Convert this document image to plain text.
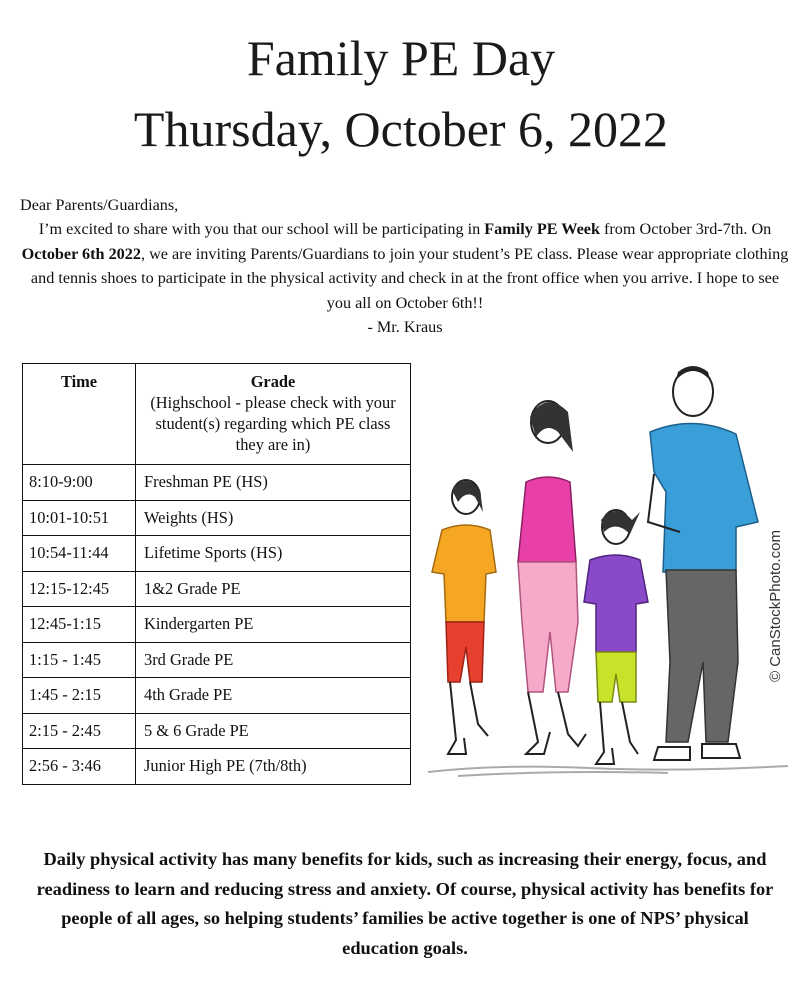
Family PE Day
Thursday, October 6, 2022
Dear Parents/Guardians,
I’m excited to share with you that our school will be participating in Family PE Week from October 3rd-7th. On October 6th 2022, we are inviting Parents/Guardians to join your student’s PE class. Please wear appropriate clothing and tennis shoes to participate in the physical activity and check in at the front office when you arrive. I hope to see you all on October 6th!!
- Mr. Kraus
Time	Grade
(Highschool - please check with your student(s) regarding which PE class they are in)

8:10-9:00	Freshman PE (HS)
10:01-10:51	Weights (HS)
10:54-11:44	Lifetime Sports (HS)
12:15-12:45	1&2 Grade PE
12:45-1:15	Kindergarten PE
1:15 - 1:45	3rd Grade PE
1:45 - 2:15	4th Grade PE
2:15 - 2:45	5 & 6 Grade PE
2:56 - 3:46	Junior High PE (7th/8th)
© CanStockPhoto.com
Daily physical activity has many benefits for kids, such as increasing their energy, focus, and readiness to learn and reducing stress and anxiety. Of course, physical activity has benefits for people of all ages, so helping students’ families be active together is one of NPS’ physical education goals.
